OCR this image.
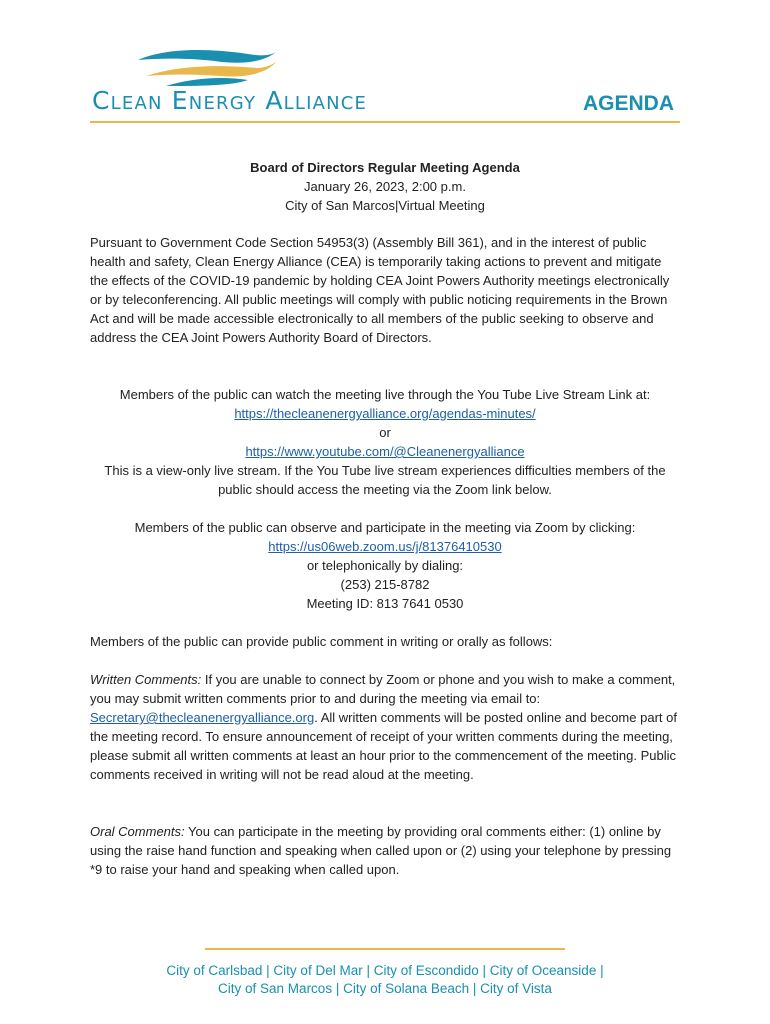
Clean Energy Alliance	AGENDA
Board of Directors Regular Meeting Agenda
January 26, 2023, 2:00 p.m.
City of San Marcos|Virtual Meeting
Pursuant to Government Code Section 54953(3) (Assembly Bill 361), and in the interest of public health and safety, Clean Energy Alliance (CEA) is temporarily taking actions to prevent and mitigate the effects of the COVID-19 pandemic by holding CEA Joint Powers Authority meetings electronically or by teleconferencing. All public meetings will comply with public noticing requirements in the Brown Act and will be made accessible electronically to all members of the public seeking to observe and address the CEA Joint Powers Authority Board of Directors.
Members of the public can watch the meeting live through the You Tube Live Stream Link at:
https://thecleanenergyalliance.org/agendas-minutes/
or
https://www.youtube.com/@Cleanenergyalliance
This is a view-only live stream. If the You Tube live stream experiences difficulties members of the public should access the meeting via the Zoom link below.
Members of the public can observe and participate in the meeting via Zoom by clicking:
https://us06web.zoom.us/j/81376410530
or telephonically by dialing:
(253) 215-8782
Meeting ID: 813 7641 0530
Members of the public can provide public comment in writing or orally as follows:
Written Comments: If you are unable to connect by Zoom or phone and you wish to make a comment, you may submit written comments prior to and during the meeting via email to: Secretary@thecleanenergyalliance.org. All written comments will be posted online and become part of the meeting record. To ensure announcement of receipt of your written comments during the meeting, please submit all written comments at least an hour prior to the commencement of the meeting. Public comments received in writing will not be read aloud at the meeting.
Oral Comments: You can participate in the meeting by providing oral comments either: (1) online by using the raise hand function and speaking when called upon or (2) using your telephone by pressing *9 to raise your hand and speaking when called upon.
City of Carlsbad | City of Del Mar | City of Escondido | City of Oceanside |
City of San Marcos | City of Solana Beach | City of Vista
